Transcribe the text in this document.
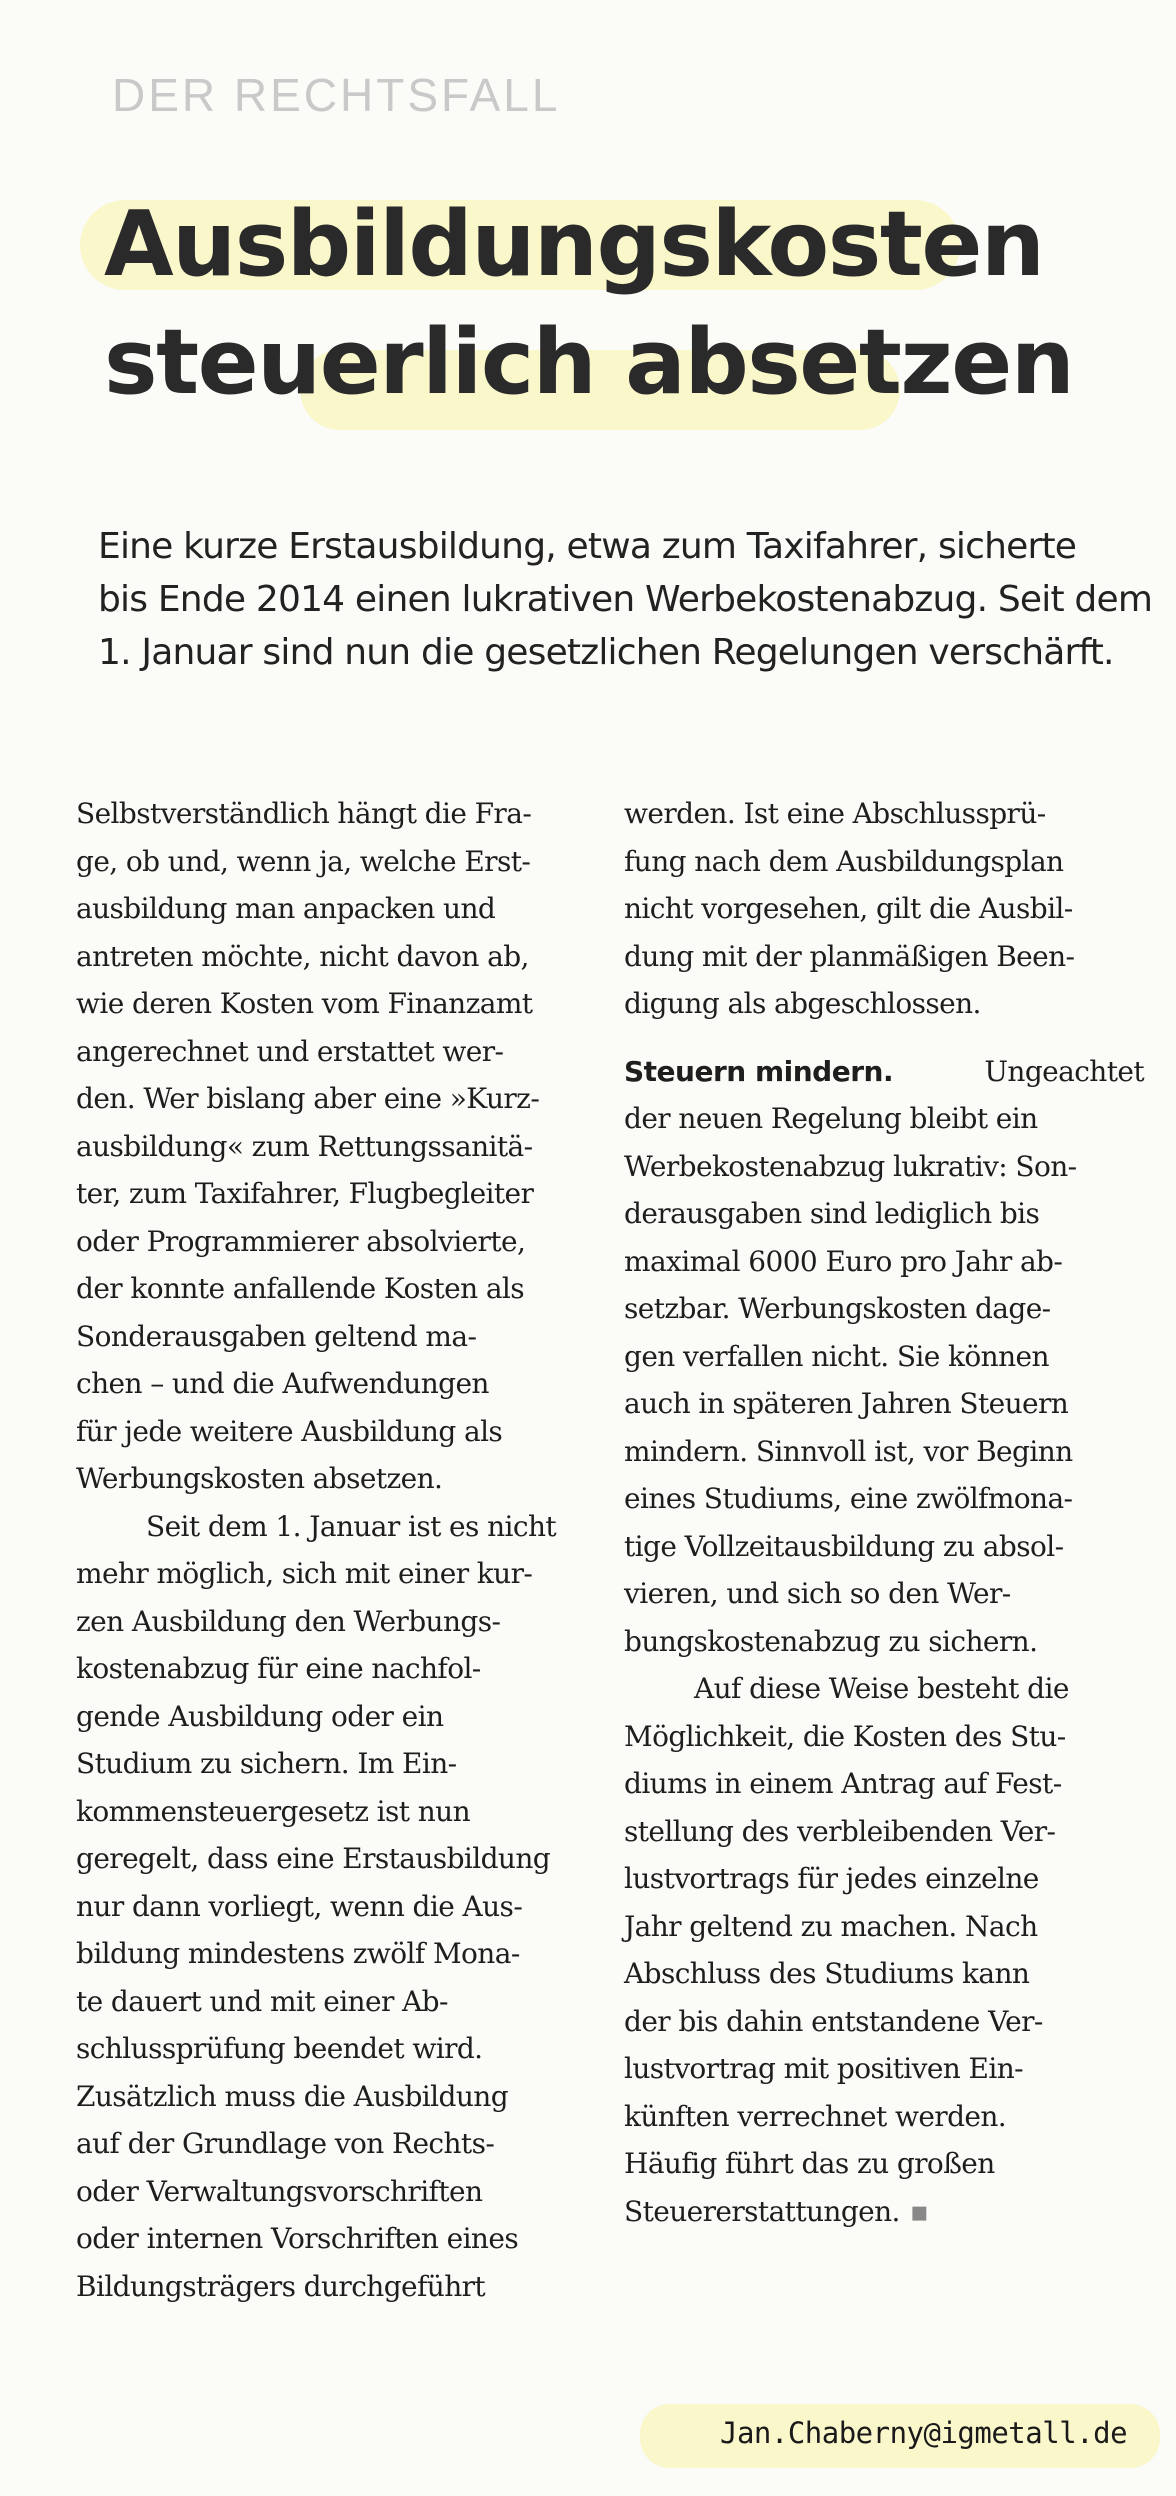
DER RECHTSFALL
Ausbildungskosten
steuerlich absetzen
Eine kurze Erstausbildung, etwa zum Taxifahrer, sicherte
bis Ende 2014 einen lukrativen Werbekostenabzug. Seit dem
1. Januar sind nun die gesetzlichen Regelungen verschärft.
Selbstverständlich hängt die Fra-
ge, ob und, wenn ja, welche Erst-
ausbildung man anpacken und
antreten möchte, nicht davon ab,
wie deren Kosten vom Finanzamt
angerechnet und erstattet wer-
den. Wer bislang aber eine »Kurz-
ausbildung« zum Rettungssanitä-
ter, zum Taxifahrer, Flugbegleiter
oder Programmierer absolvierte,
der konnte anfallende Kosten als
Sonderausgaben geltend ma-
chen – und die Aufwendungen
für jede weitere Ausbildung als
Werbungskosten absetzen.
Seit dem 1. Januar ist es nicht
mehr möglich, sich mit einer kur-
zen Ausbildung den Werbungs-
kostenabzug für eine nachfol-
gende Ausbildung oder ein
Studium zu sichern. Im Ein-
kommensteuergesetz ist nun
geregelt, dass eine Erstausbildung
nur dann vorliegt, wenn die Aus-
bildung mindestens zwölf Mona-
te dauert und mit einer Ab-
schlussprüfung beendet wird.
Zusätzlich muss die Ausbildung
auf der Grundlage von Rechts-
oder Verwaltungsvorschriften
oder internen Vorschriften eines
Bildungsträgers durchgeführt
werden. Ist eine Abschlussprü-
fung nach dem Ausbildungsplan
nicht vorgesehen, gilt die Ausbil-
dung mit der planmäßigen Been-
digung als abgeschlossen.
Steuern mindern.	Ungeachtet
der neuen Regelung bleibt ein
Werbekostenabzug lukrativ: Son-
derausgaben sind lediglich bis
maximal 6000 Euro pro Jahr ab-
setzbar. Werbungskosten dage-
gen verfallen nicht. Sie können
auch in späteren Jahren Steuern
mindern. Sinnvoll ist, vor Beginn
eines Studiums, eine zwölfmona-
tige Vollzeitausbildung zu absol-
vieren, und sich so den Wer-
bungskostenabzug zu sichern.
Auf diese Weise besteht die
Möglichkeit, die Kosten des Stu-
diums in einem Antrag auf Fest-
stellung des verbleibenden Ver-
lustvortrags für jedes einzelne
Jahr geltend zu machen. Nach
Abschluss des Studiums kann
der bis dahin entstandene Ver-
lustvortrag mit positiven Ein-
künften verrechnet werden.
Häufig führt das zu großen
Steuererstattungen. ▪
Jan.Chaberny@igmetall.de
